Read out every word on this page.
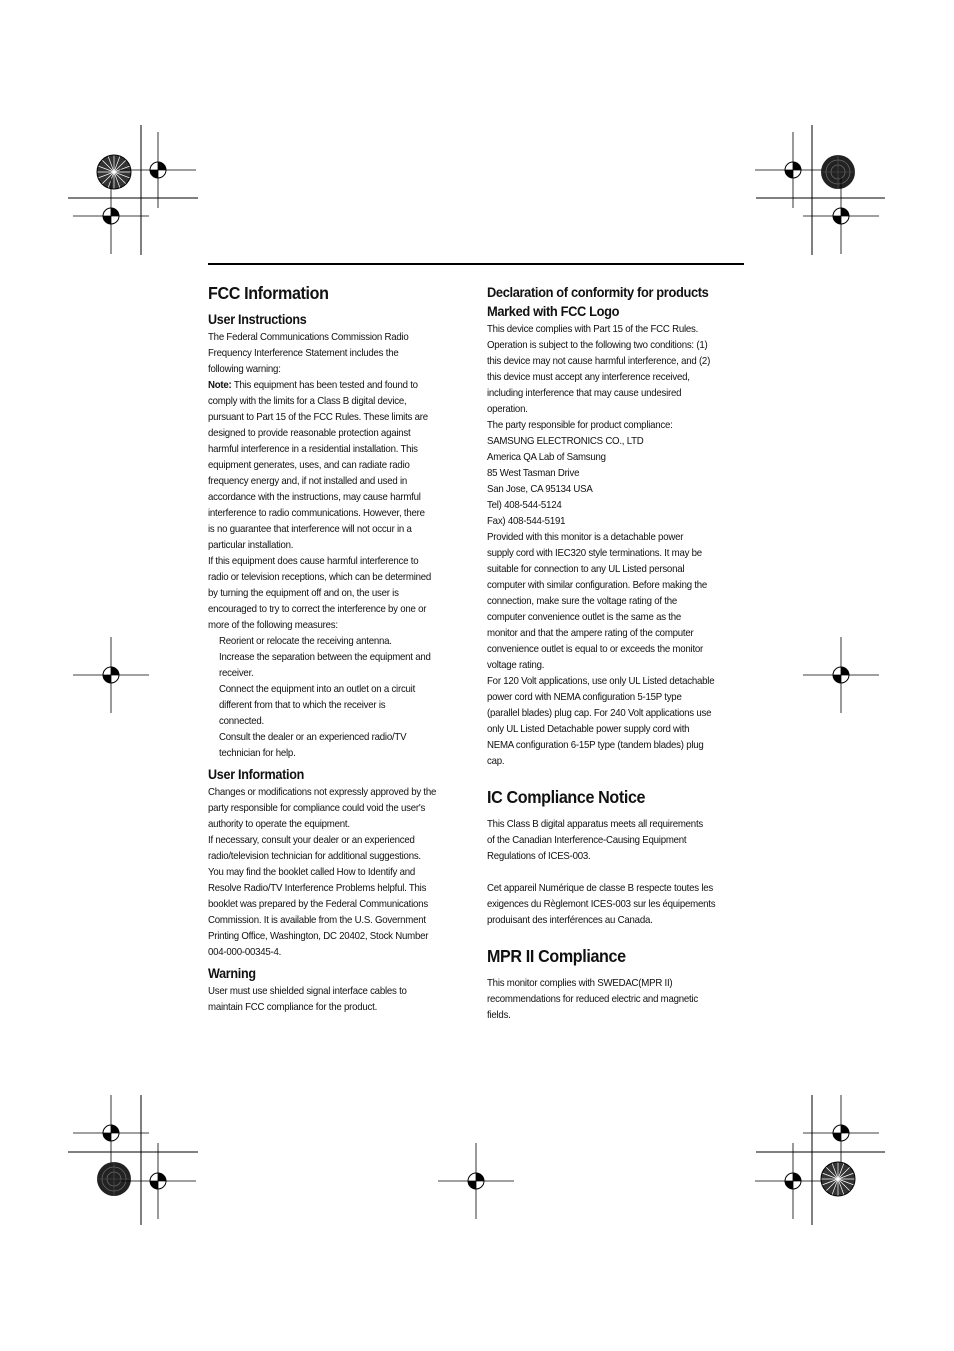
FCC Information
User Instructions
The Federal Communications Commission Radio
Frequency Interference Statement includes the
following warning:
Note: This equipment has been tested and found to
comply with the limits for a Class B digital device,
pursuant to Part 15 of the FCC Rules. These limits are
designed to provide reasonable protection against
harmful interference in a residential installation. This
equipment generates, uses, and can radiate radio
frequency energy and, if not installed and used in
accordance with the instructions, may cause harmful
interference to radio communications. However, there
is no guarantee that interference will not occur in a
particular installation.
If this equipment does cause harmful interference to
radio or television receptions, which can be determined
by turning the equipment off and on, the user is
encouraged to try to correct the interference by one or
more of the following measures:
Reorient or relocate the receiving antenna.
Increase the separation between the equipment and
receiver.
Connect the equipment into an outlet on a circuit
different from that to which the receiver is
connected.
Consult the dealer or an experienced radio/TV
technician for help.
User Information
Changes or modifications not expressly approved by the
party responsible for compliance could void the user's
authority to operate the equipment.
If necessary, consult your dealer or an experienced
radio/television technician for additional suggestions.
You may find the booklet called How to Identify and
Resolve Radio/TV Interference Problems helpful. This
booklet was prepared by the Federal Communications
Commission. It is available from the U.S. Government
Printing Office, Washington, DC 20402, Stock Number
004-000-00345-4.
Warning
User must use shielded signal interface cables to
maintain FCC compliance for the product.
Declaration of conformity for products
Marked with FCC Logo
This device complies with Part 15 of the FCC Rules.
Operation is subject to the following two conditions: (1)
this device may not cause harmful interference, and (2)
this device must accept any interference received,
including interference that may cause undesired
operation.
The party responsible for product compliance:
SAMSUNG ELECTRONICS CO., LTD
America QA Lab of Samsung
85 West Tasman Drive
San Jose, CA 95134 USA
Tel) 408-544-5124
Fax) 408-544-5191
Provided with this monitor is a detachable power
supply cord with IEC320 style terminations. It may be
suitable for connection to any UL Listed personal
computer with similar configuration. Before making the
connection, make sure the voltage rating of the
computer convenience outlet is the same as the
monitor and that the ampere rating of the computer
convenience outlet is equal to or exceeds the monitor
voltage rating.
For 120 Volt applications, use only UL Listed detachable
power cord with NEMA configuration 5-15P type
(parallel blades) plug cap. For 240 Volt applications use
only UL Listed Detachable power supply cord with
NEMA configuration 6-15P type (tandem blades) plug
cap.
IC Compliance Notice
This Class B digital apparatus meets all requirements
of the Canadian Interference-Causing Equipment
Regulations of ICES-003.
Cet appareil Numérique de classe B respecte toutes les
exigences du Règlemont ICES-003 sur les équipements
produisant des interférences au Canada.
MPR II Compliance
This monitor complies with SWEDAC(MPR II)
recommendations for reduced electric and magnetic
fields.
